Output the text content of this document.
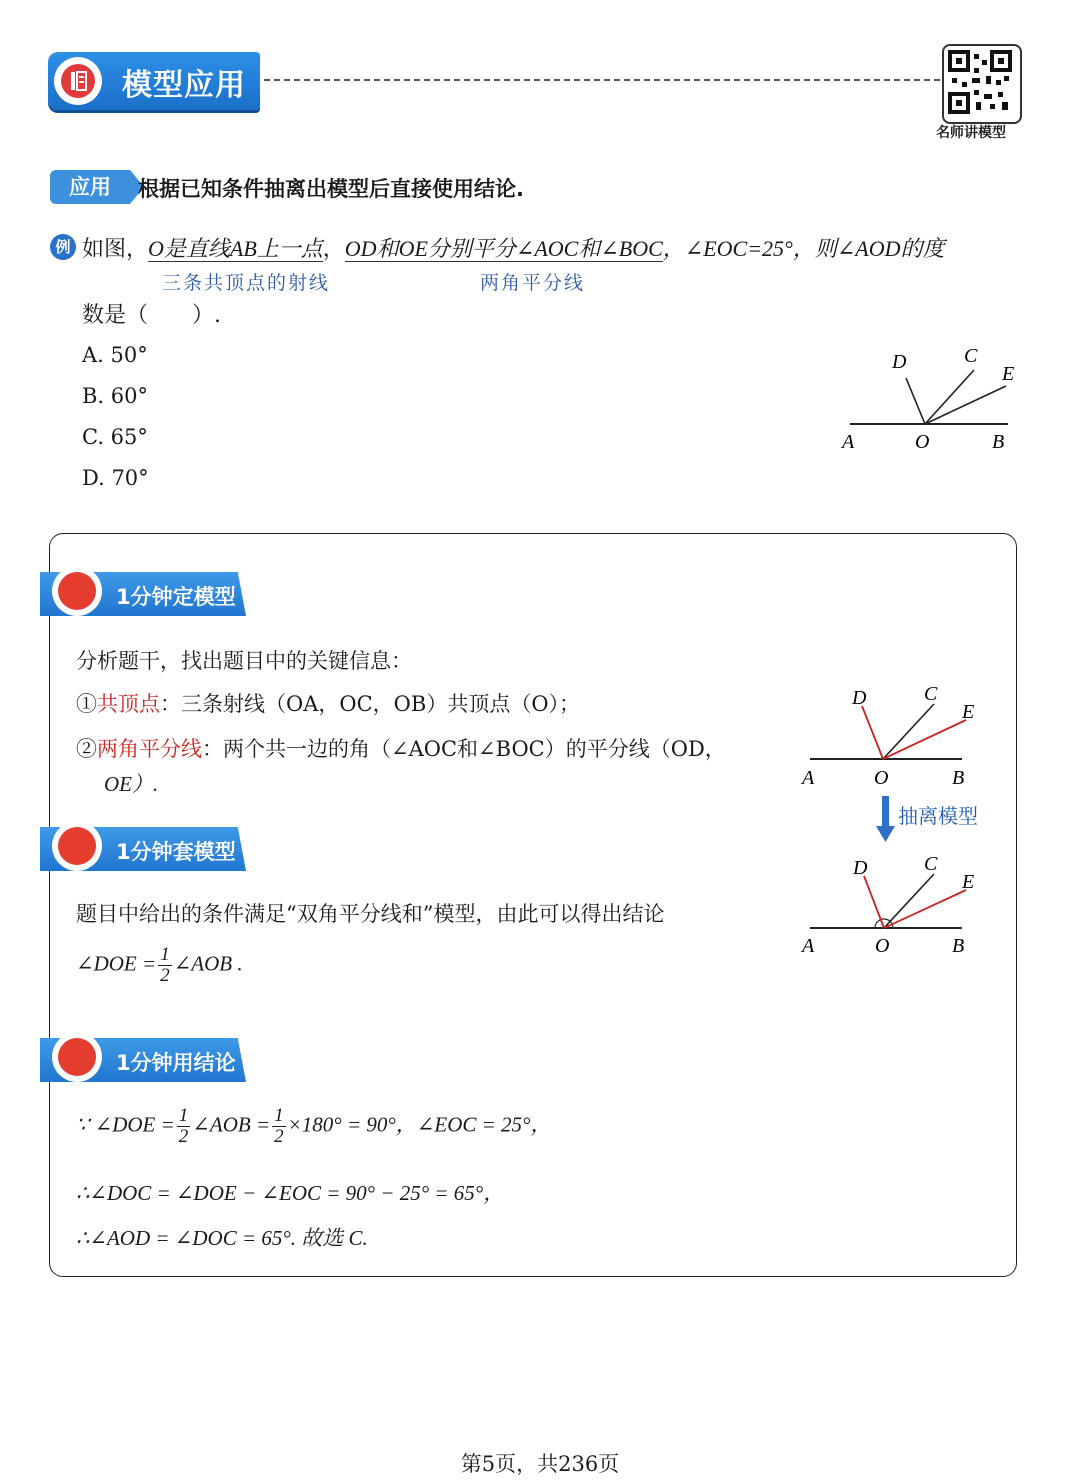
模型应用
名师讲模型
应用	根据已知条件抽离出模型后直接使用结论.
例 如图，O是直线AB上一点，OD和OE分别平分∠AOC和∠BOC，∠EOC=25°，则∠AOD的度
三条共顶点的射线	两角平分线
数是（　　）.
A. 50°
B. 60°
C. 65°
D. 70°
A	O	B
D	C
E
1分钟定模型
分析题干，找出题目中的关键信息：
①共顶点：三条射线（OA，OC，OB）共顶点（O）；
②两角平分线：两个共一边的角（∠AOC和∠BOC）的平分线（OD，
OE）.	A	O	B
D	C
E
抽离模型
A	O	B
D	C
E
1分钟套模型
题目中给出的条件满足“双角平分线和”模型，由此可以得出结论
∠DOE = $\frac{1}{2}$ ∠AOB .
1分钟用结论
∵ ∠DOE = $\frac{1}{2}$ ∠AOB = $\frac{1}{2} \times 180^\circ = 90^\circ$，∠EOC = 25°，
∴∠DOC = ∠DOE − ∠EOC = 90° − 25° = 65°，
∴∠AOD = ∠DOC = 65°. 故选 C.
第5页，共236页
